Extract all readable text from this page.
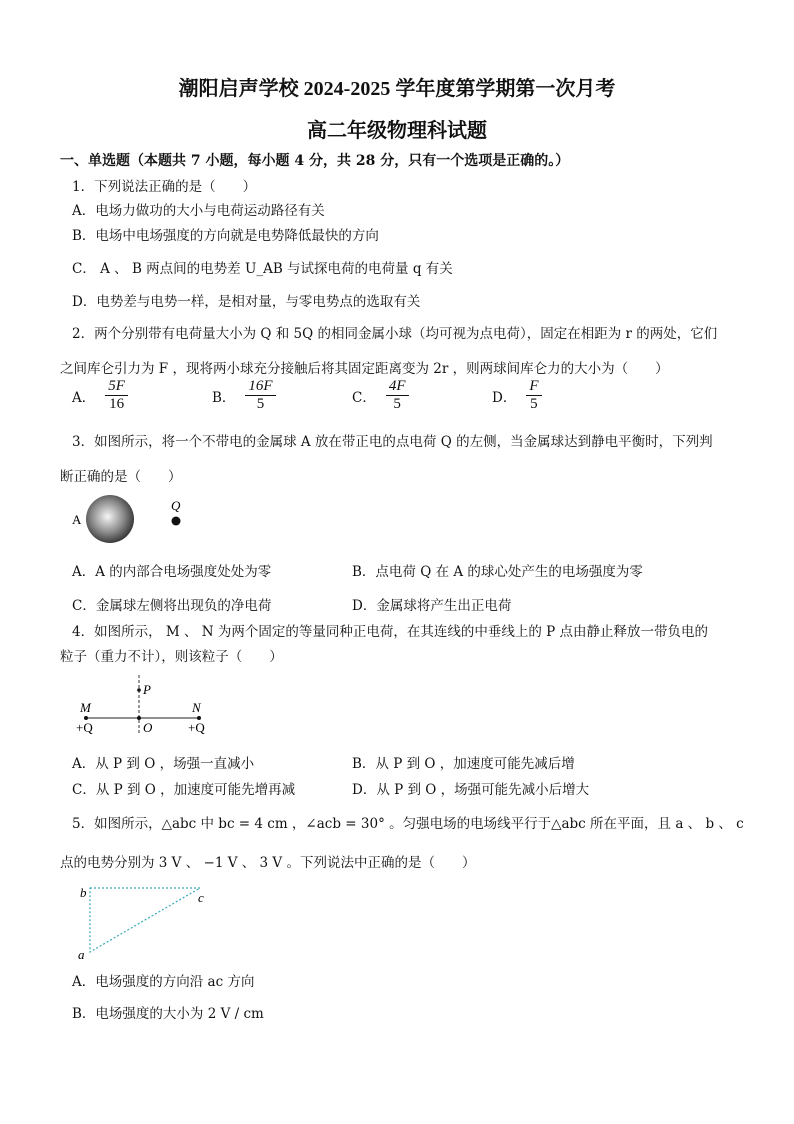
潮阳启声学校 2024-2025 学年度第学期第一次月考
高二年级物理科试题
一、单选题（本题共 7 小题，每小题 4 分，共 28 分，只有一个选项是正确的。）
1．下列说法正确的是（　　）
A．电场力做功的大小与电荷运动路径有关
B．电场中电场强度的方向就是电势降低最快的方向
C． A 、 B 两点间的电势差 U_AB 与试探电荷的电荷量 q 有关
D．电势差与电势一样，是相对量，与零电势点的选取有关
2．两个分别带有电荷量大小为 Q 和 5Q 的相同金属小球（均可视为点电荷），固定在相距为 r 的两处，它们
之间库仑引力为 F ，现将两小球充分接触后将其固定距离变为 2r ，则两球间库仑力的大小为（　　）
A． $\frac{5F}{16}$	B． $\frac{16F}{5}$	C． $\frac{4F}{5}$	D． $\frac{F}{5}$
3．如图所示，将一个不带电的金属球 A 放在带正电的点电荷 Q 的左侧，当金属球达到静电平衡时，下列判
断正确的是（　　）
A
Q
A．A 的内部合电场强度处处为零	B．点电荷 Q 在 A 的球心处产生的电场强度为零
C．金属球左侧将出现负的净电荷	D．金属球将产生出正电荷
4．如图所示， M 、 N 为两个固定的等量同种正电荷，在其连线的中垂线上的 P 点由静止释放一带负电的
粒子（重力不计），则该粒子（　　）
P
M	N
O
+Q	+Q
A．从 P 到 O ，场强一直减小	B．从 P 到 O ，加速度可能先减后增
C．从 P 到 O ，加速度可能先增再减	D．从 P 到 O ，场强可能先减小后增大
5．如图所示，△abc 中 bc = 4 cm ，∠acb = 30° 。匀强电场的电场线平行于△abc 所在平面，且 a 、 b 、 c
点的电势分别为 3 V 、 −1 V 、 3 V 。下列说法中正确的是（　　）
b	c
a
A．电场强度的方向沿 ac 方向
B．电场强度的大小为 2 V / cm
